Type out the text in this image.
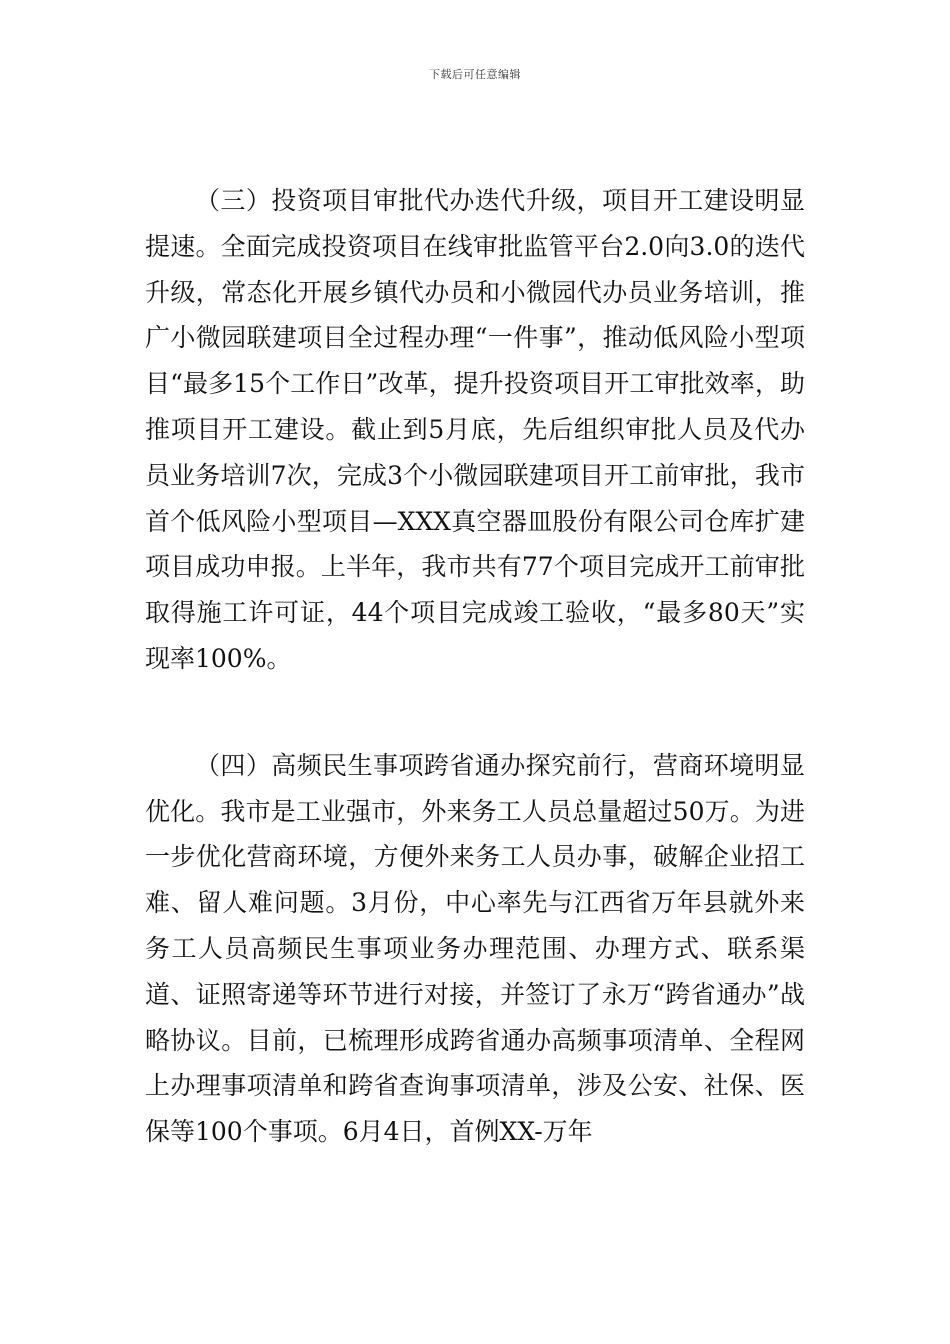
下载后可任意编辑

（三）投资项目审批代办迭代升级，项目开工建设明显提速。全面完成投资项目在线审批监管平台2.0向3.0的迭代升级，常态化开展乡镇代办员和小微园代办员业务培训，推广小微园联建项目全过程办理“一件事”，推动低风险小型项目“最多15个工作日”改革，提升投资项目开工审批效率，助推项目开工建设。截止到5月底，先后组织审批人员及代办员业务培训7次，完成3个小微园联建项目开工前审批，我市首个低风险小型项目—XXX真空器皿股份有限公司仓库扩建项目成功申报。上半年，我市共有77个项目完成开工前审批取得施工许可证，44个项目完成竣工验收，“最多80天”实现率100%。

（四）高频民生事项跨省通办探究前行，营商环境明显优化。我市是工业强市，外来务工人员总量超过50万。为进一步优化营商环境，方便外来务工人员办事，破解企业招工难、留人难问题。3月份，中心率先与江西省万年县就外来务工人员高频民生事项业务办理范围、办理方式、联系渠道、证照寄递等环节进行对接，并签订了永万“跨省通办”战略协议。目前，已梳理形成跨省通办高频事项清单、全程网上办理事项清单和跨省查询事项清单，涉及公安、社保、医保等100个事项。6月4日，首例XX-万年
